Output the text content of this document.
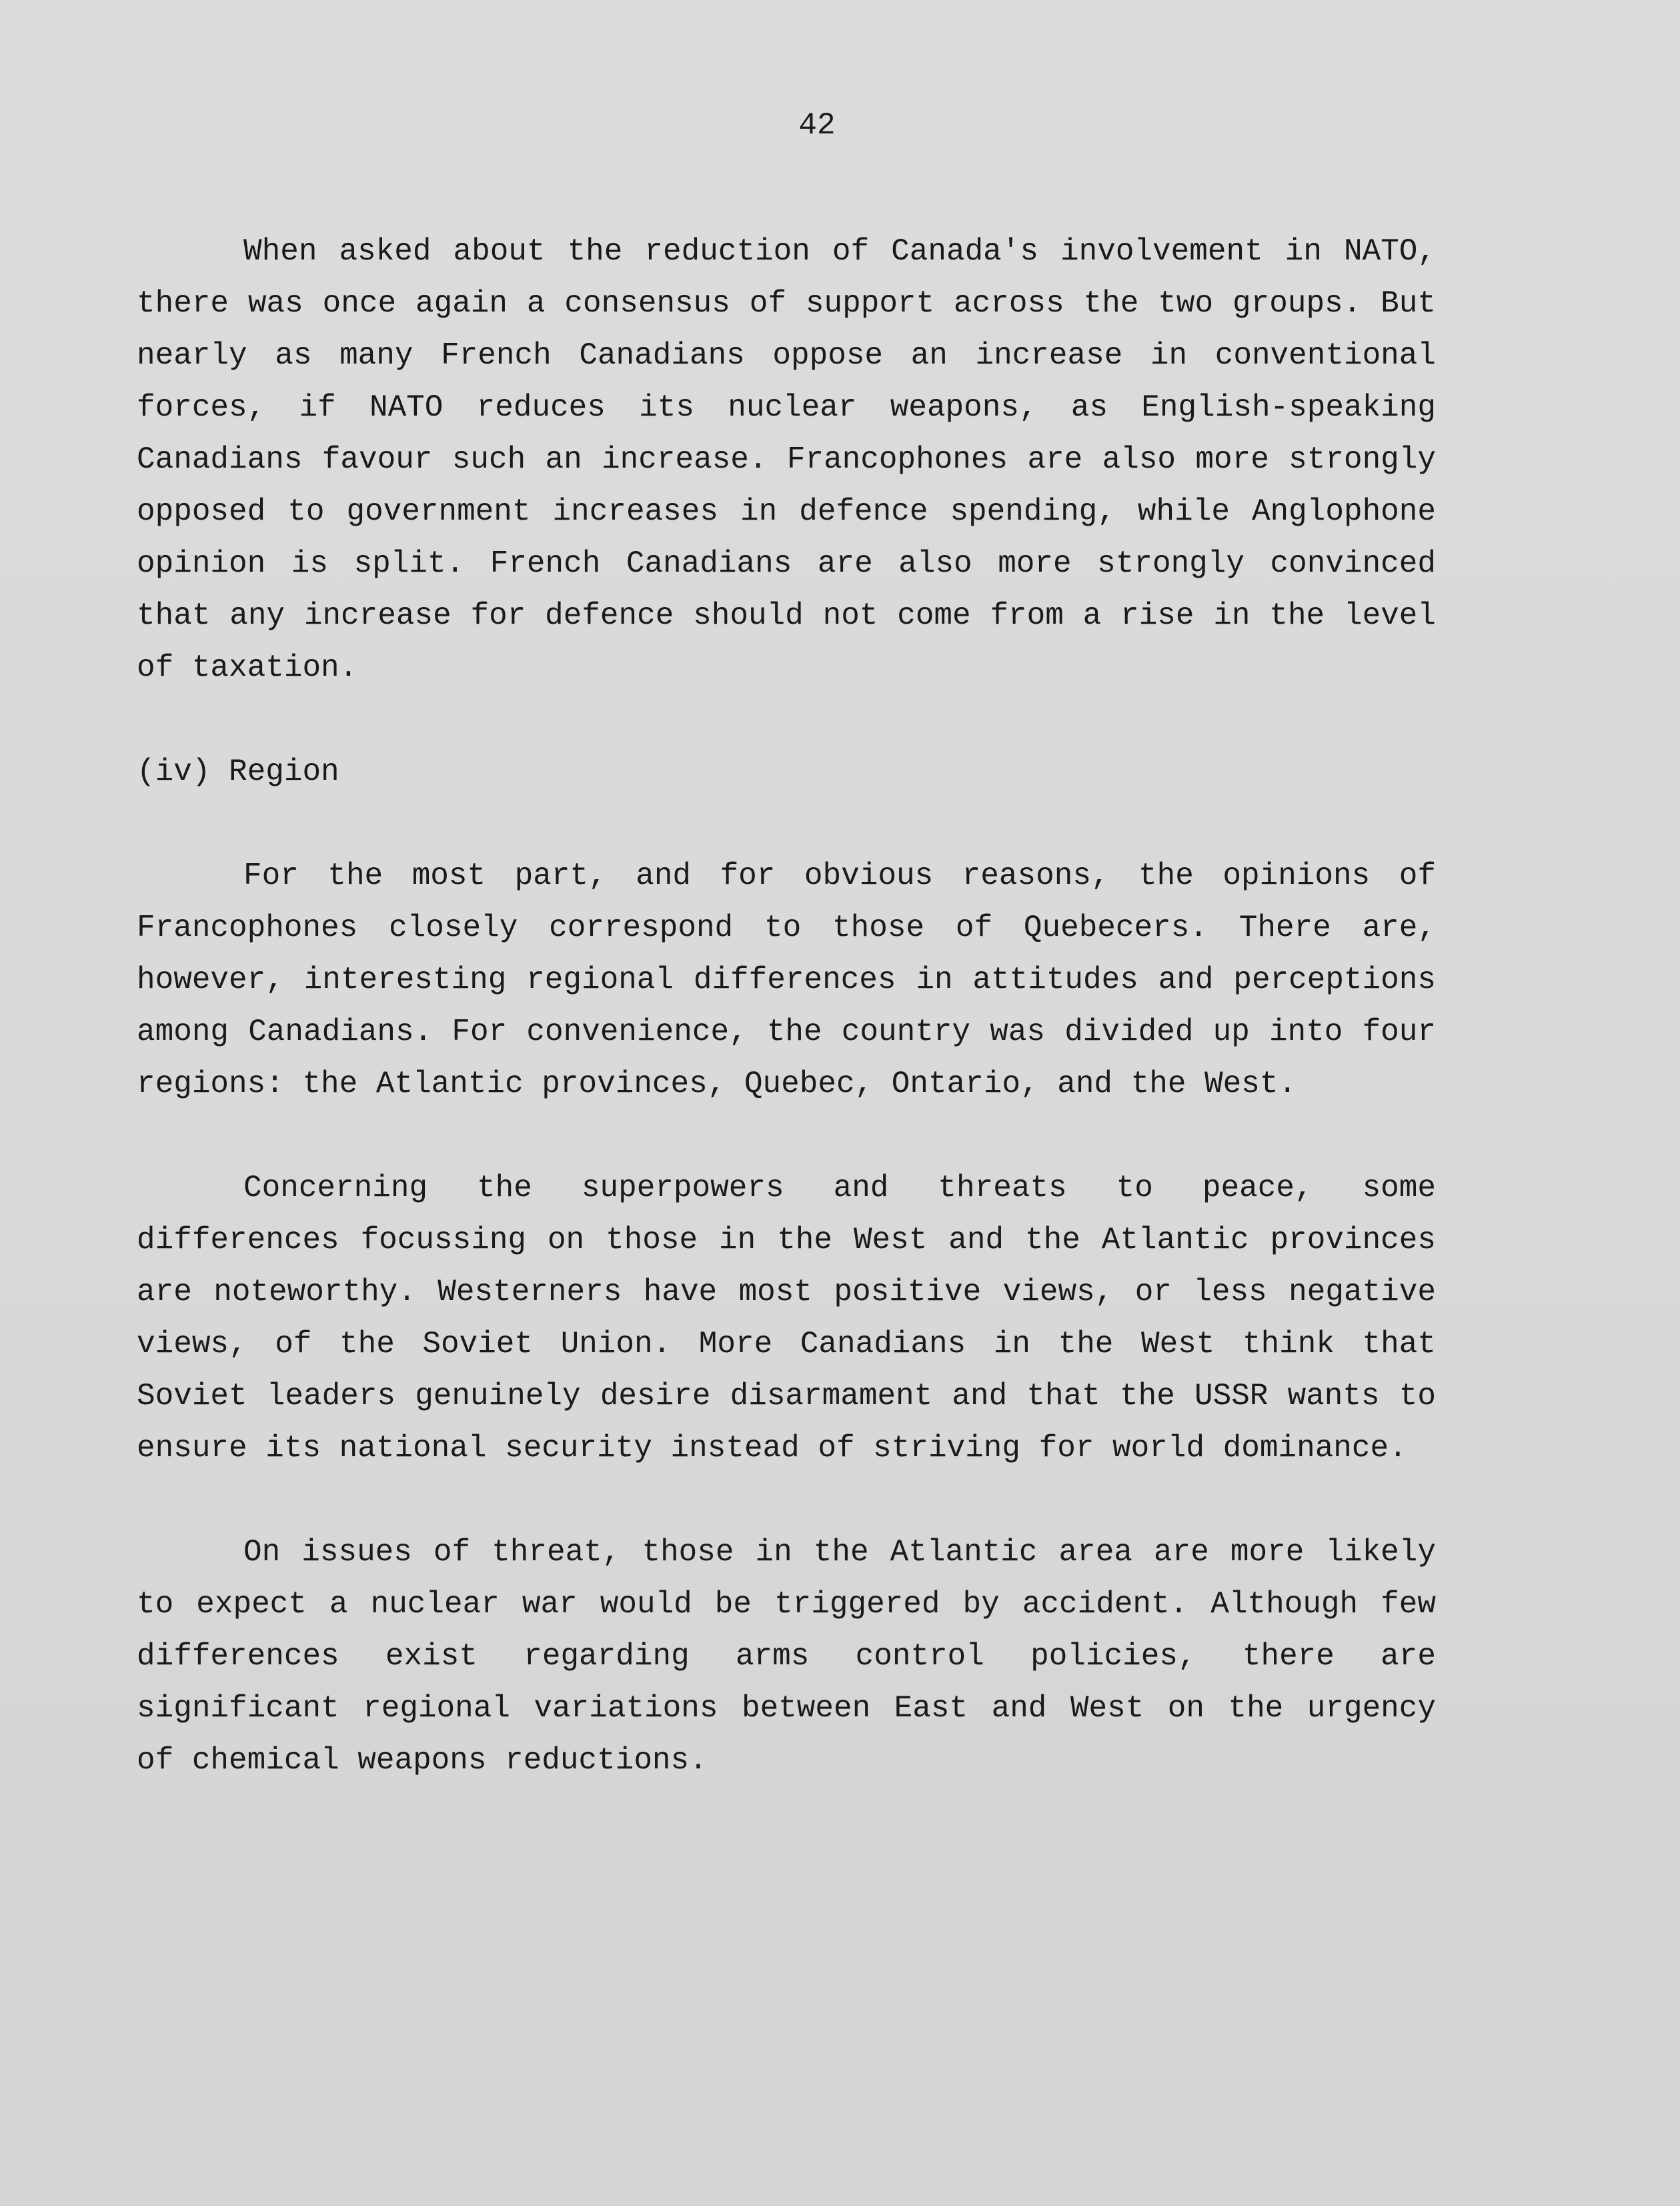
42

When asked about the reduction of Canada's involvement in NATO, there was once again a consensus of support across the two groups. But nearly as many French Canadians oppose an increase in conventional forces, if NATO reduces its nuclear weapons, as English-speaking Canadians favour such an increase. Francophones are also more strongly opposed to government increases in defence spending, while Anglophone opinion is split. French Canadians are also more strongly convinced that any increase for defence should not come from a rise in the level of taxation.

(iv) Region

For the most part, and for obvious reasons, the opinions of Francophones closely correspond to those of Quebecers. There are, however, interesting regional differences in attitudes and perceptions among Canadians. For convenience, the country was divided up into four regions: the Atlantic provinces, Quebec, Ontario, and the West.

Concerning the superpowers and threats to peace, some differences focussing on those in the West and the Atlantic provinces are noteworthy. Westerners have most positive views, or less negative views, of the Soviet Union. More Canadians in the West think that Soviet leaders genuinely desire disarmament and that the USSR wants to ensure its national security instead of striving for world dominance.

On issues of threat, those in the Atlantic area are more likely to expect a nuclear war would be triggered by accident. Although few differences exist regarding arms control policies, there are significant regional variations between East and West on the urgency of chemical weapons reductions.
